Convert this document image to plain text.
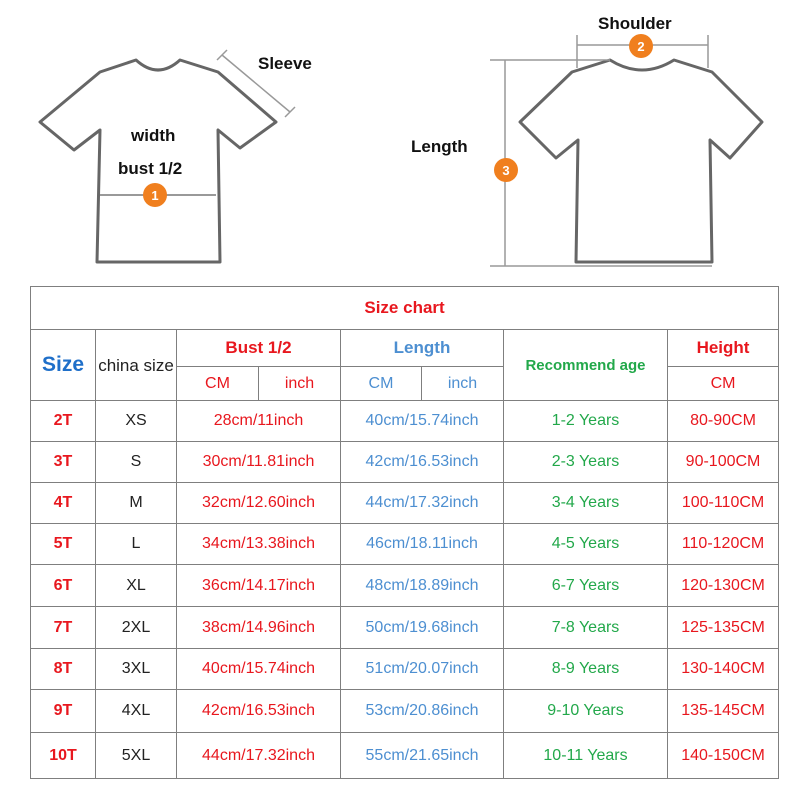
1
2
3
Sleeve
width
bust 1/2
Shoulder
Length
Size chart							
Size	china size	Bust 1/2		Length		Recommend age	Height
		CM	inch	CM	inch		CM
2T	XS	28cm/11inch		40cm/15.74inch		1-2 Years	80-90CM
3T	S	30cm/11.81inch		42cm/16.53inch		2-3 Years	90-100CM
4T	M	32cm/12.60inch		44cm/17.32inch		3-4 Years	100-110CM
5T	L	34cm/13.38inch		46cm/18.11inch		4-5 Years	110-120CM
6T	XL	36cm/14.17inch		48cm/18.89inch		6-7 Years	120-130CM
7T	2XL	38cm/14.96inch		50cm/19.68inch		7-8 Years	125-135CM
8T	3XL	40cm/15.74inch		51cm/20.07inch		8-9 Years	130-140CM
9T	4XL	42cm/16.53inch		53cm/20.86inch		9-10 Years	135-145CM
10T	5XL	44cm/17.32inch		55cm/21.65inch		10-11 Years	140-150CM
